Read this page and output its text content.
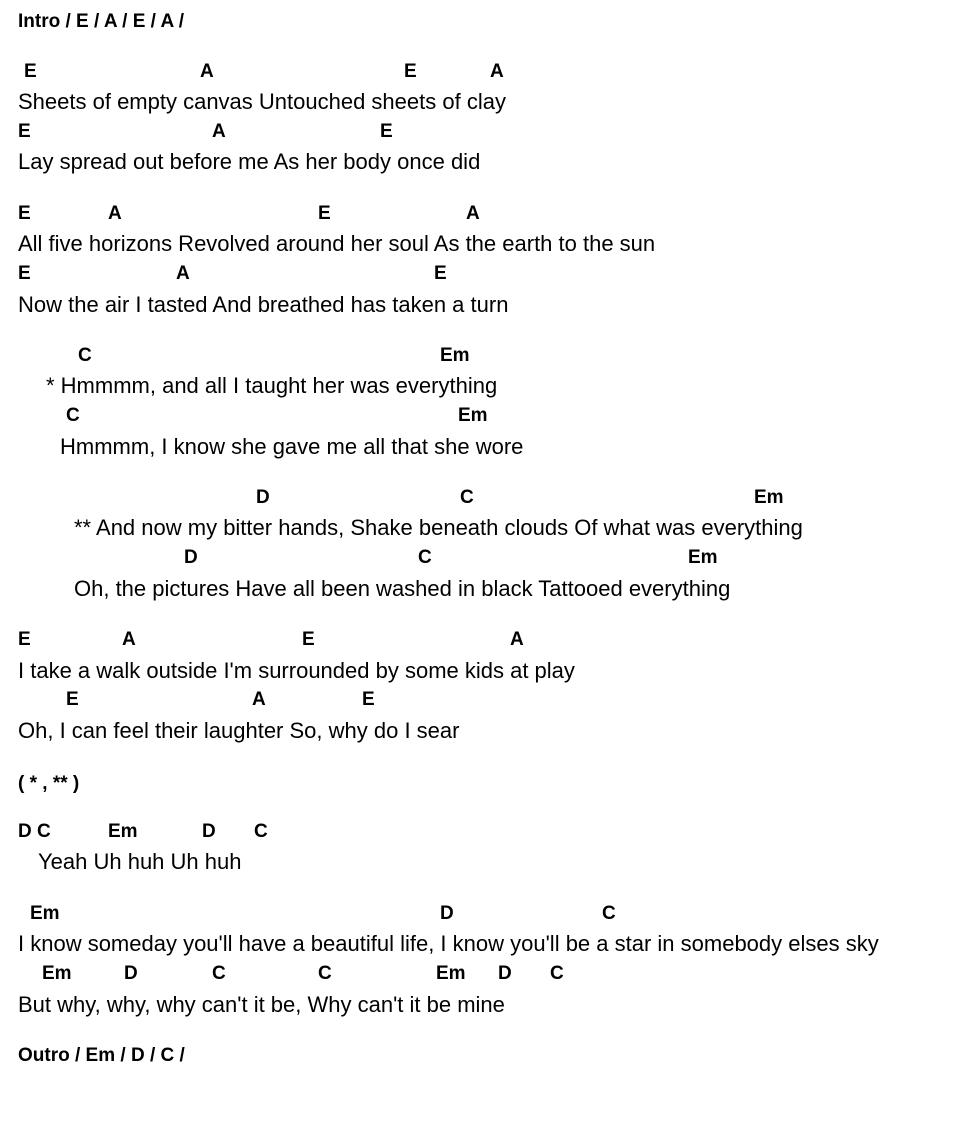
Intro / E / A / E / A /
E	A	E	A
Sheets of empty canvas Untouched sheets of clay
E	A	E
Lay spread out before me As her body once did
E	A	E	A
All five horizons Revolved around her soul As the earth to the sun
E	A	E
Now the air I tasted And breathed has taken a turn
C	Em
* Hmmmm, and all I taught her was everything
C	Em
Hmmmm, I know she gave me all that she wore
D	C	Em
** And now my bitter hands, Shake beneath clouds Of what was everything
D	C	Em
Oh, the pictures Have all been washed in black Tattooed everything
E	A	E	A
I take a walk outside I'm surrounded by some kids at play
E	A	E
Oh, I can feel their laughter So, why do I sear
( * , ** )
D C	Em	D C
Yeah Uh huh Uh huh
Em	D	C
I know someday you'll have a beautiful life, I know you'll be a star in somebody elses sky
Em	D	C	C	Em D C
But why, why, why can't it be, Why can't it be mine
Outro / Em / D / C /
